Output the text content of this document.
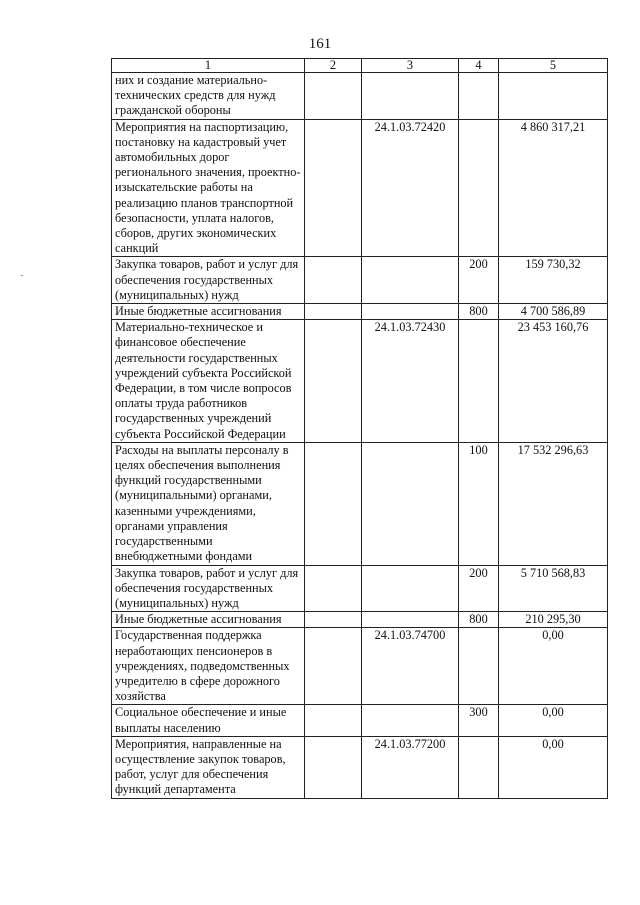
161
1	2	3	4	5
них и создание материально-технических средств для нужд гражданской обороны				
Мероприятия на паспортизацию, постановку на кадастровый учет автомобильных дорог регионального значения, проектно-изыскательские работы на реализацию планов транспортной безопасности, уплата налогов, сборов, других экономических санкций		24.1.03.72420		4 860 317,21
Закупка товаров, работ и услуг для обеспечения государственных (муниципальных) нужд			200	159 730,32
Иные бюджетные ассигнования			800	4 700 586,89
Материально-техническое и финансовое обеспечение деятельности государственных учреждений субъекта Российской Федерации, в том числе вопросов оплаты труда работников государственных учреждений субъекта Российской Федерации		24.1.03.72430		23 453 160,76
Расходы на выплаты персоналу в целях обеспечения выполнения функций государственными (муниципальными) органами, казенными учреждениями, органами управления государственными внебюджетными фондами			100	17 532 296,63
Закупка товаров, работ и услуг для обеспечения государственных (муниципальных) нужд			200	5 710 568,83
Иные бюджетные ассигнования			800	210 295,30
Государственная поддержка неработающих пенсионеров в учреждениях, подведомственных учредителю в сфере дорожного хозяйства		24.1.03.74700		0,00
Социальное обеспечение и иные выплаты населению			300	0,00
Мероприятия, направленные на осуществление закупок товаров, работ, услуг для обеспечения функций департамента		24.1.03.77200		0,00
